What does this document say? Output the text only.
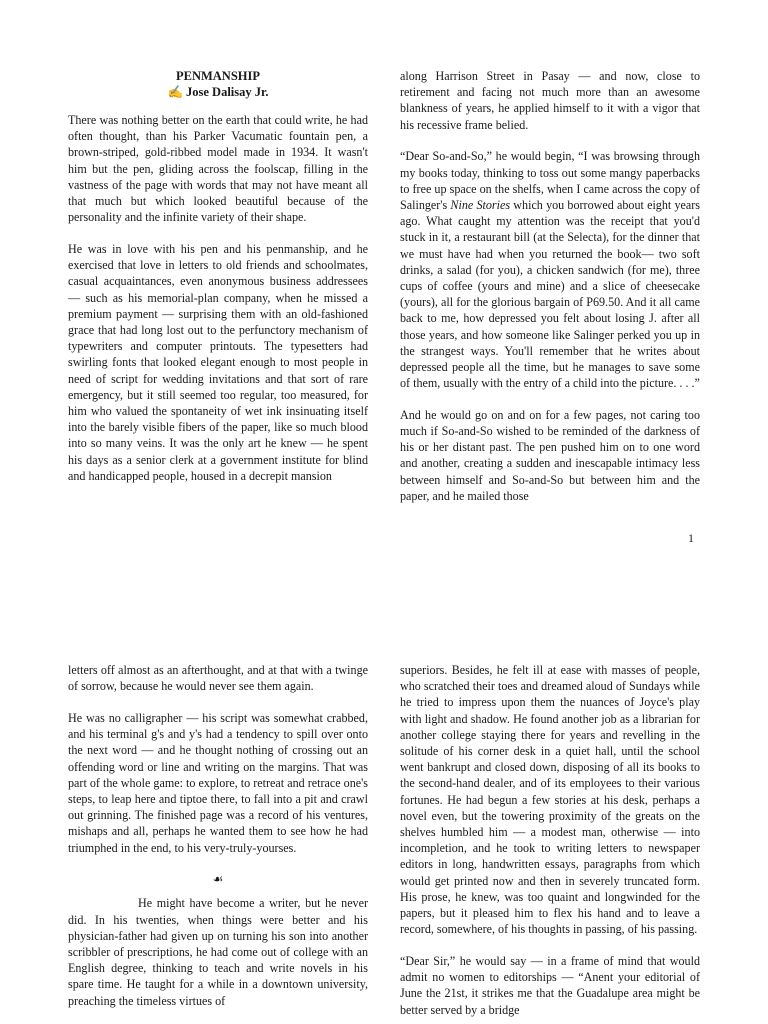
PENMANSHIP
✍ Jose Dalisay Jr.

There was nothing better on the earth that could write, he had often thought, than his Parker Vacumatic fountain pen, a brown-striped, gold-ribbed model made in 1934. It wasn't him but the pen, gliding across the foolscap, filling in the vastness of the page with words that may not have meant all that much but which looked beautiful because of the personality and the infinite variety of their shape.

He was in love with his pen and his penmanship, and he exercised that love in letters to old friends and schoolmates, casual acquaintances, even anonymous business addressees — such as his memorial-plan company, when he missed a premium payment — surprising them with an old-fashioned grace that had long lost out to the perfunctory mechanism of typewriters and computer printouts. The typesetters had swirling fonts that looked elegant enough to most people in need of script for wedding invitations and that sort of rare emergency, but it still seemed too regular, too measured, for him who valued the spontaneity of wet ink insinuating itself into the barely visible fibers of the paper, like so much blood into so many veins. It was the only art he knew — he spent his days as a senior clerk at a government institute for blind and handicapped people, housed in a decrepit mansion

along Harrison Street in Pasay — and now, close to retirement and facing not much more than an awesome blankness of years, he applied himself to it with a vigor that his recessive frame belied.

“Dear So-and-So,” he would begin, “I was browsing through my books today, thinking to toss out some mangy paperbacks to free up space on the shelfs, when I came across the copy of Salinger's Nine Stories which you borrowed about eight years ago. What caught my attention was the receipt that you'd stuck in it, a restaurant bill (at the Selecta), for the dinner that we must have had when you returned the book— two soft drinks, a salad (for you), a chicken sandwich (for me), three cups of coffee (yours and mine) and a slice of cheesecake (yours), all for the glorious bargain of P69.50. And it all came back to me, how depressed you felt about losing J. after all those years, and how someone like Salinger perked you up in the strangest ways. You'll remember that he writes about depressed people all the time, but he manages to save some of them, usually with the entry of a child into the picture. . . .”

And he would go on and on for a few pages, not caring too much if So-and-So wished to be reminded of the darkness of his or her distant past. The pen pushed him on to one word and another, creating a sudden and inescapable intimacy less between himself and So-and-So but between him and the paper, and he mailed those

1

letters off almost as an afterthought, and at that with a twinge of sorrow, because he would never see them again.

He was no calligrapher — his script was somewhat crabbed, and his terminal g's and y's had a tendency to spill over onto the next word — and he thought nothing of crossing out an offending word or line and writing on the margins. That was part of the whole game: to explore, to retreat and retrace one's steps, to leap here and tiptoe there, to fall into a pit and crawl out grinning. The finished page was a record of his ventures, mishaps and all, perhaps he wanted them to see how he had triumphed in the end, to his very-truly-yourses.

☙

He might have become a writer, but he never did. In his twenties, when things were better and his physician-father had given up on turning his son into another scribbler of prescriptions, he had come out of college with an English degree, thinking to teach and write novels in his spare time. He taught for a while in a downtown university, preaching the timeless virtues of

superiors. Besides, he felt ill at ease with masses of people, who scratched their toes and dreamed aloud of Sundays while he tried to impress upon them the nuances of Joyce's play with light and shadow. He found another job as a librarian for another college staying there for years and revelling in the solitude of his corner desk in a quiet hall, until the school went bankrupt and closed down, disposing of all its books to the second-hand dealer, and of its employees to their various fortunes. He had begun a few stories at his desk, perhaps a novel even, but the towering proximity of the greats on the shelves humbled him — a modest man, otherwise — into incompletion, and he took to writing letters to newspaper editors in long, handwritten essays, paragraphs from which would get printed now and then in severely truncated form. His prose, he knew, was too quaint and longwinded for the papers, but it pleased him to flex his hand and to leave a record, somewhere, of his thoughts in passing, of his passing.

“Dear Sir,” he would say — in a frame of mind that would admit no women to editorships — “Anent your editorial of June the 21st, it strikes me that the Guadalupe area might be better served by a bridge
